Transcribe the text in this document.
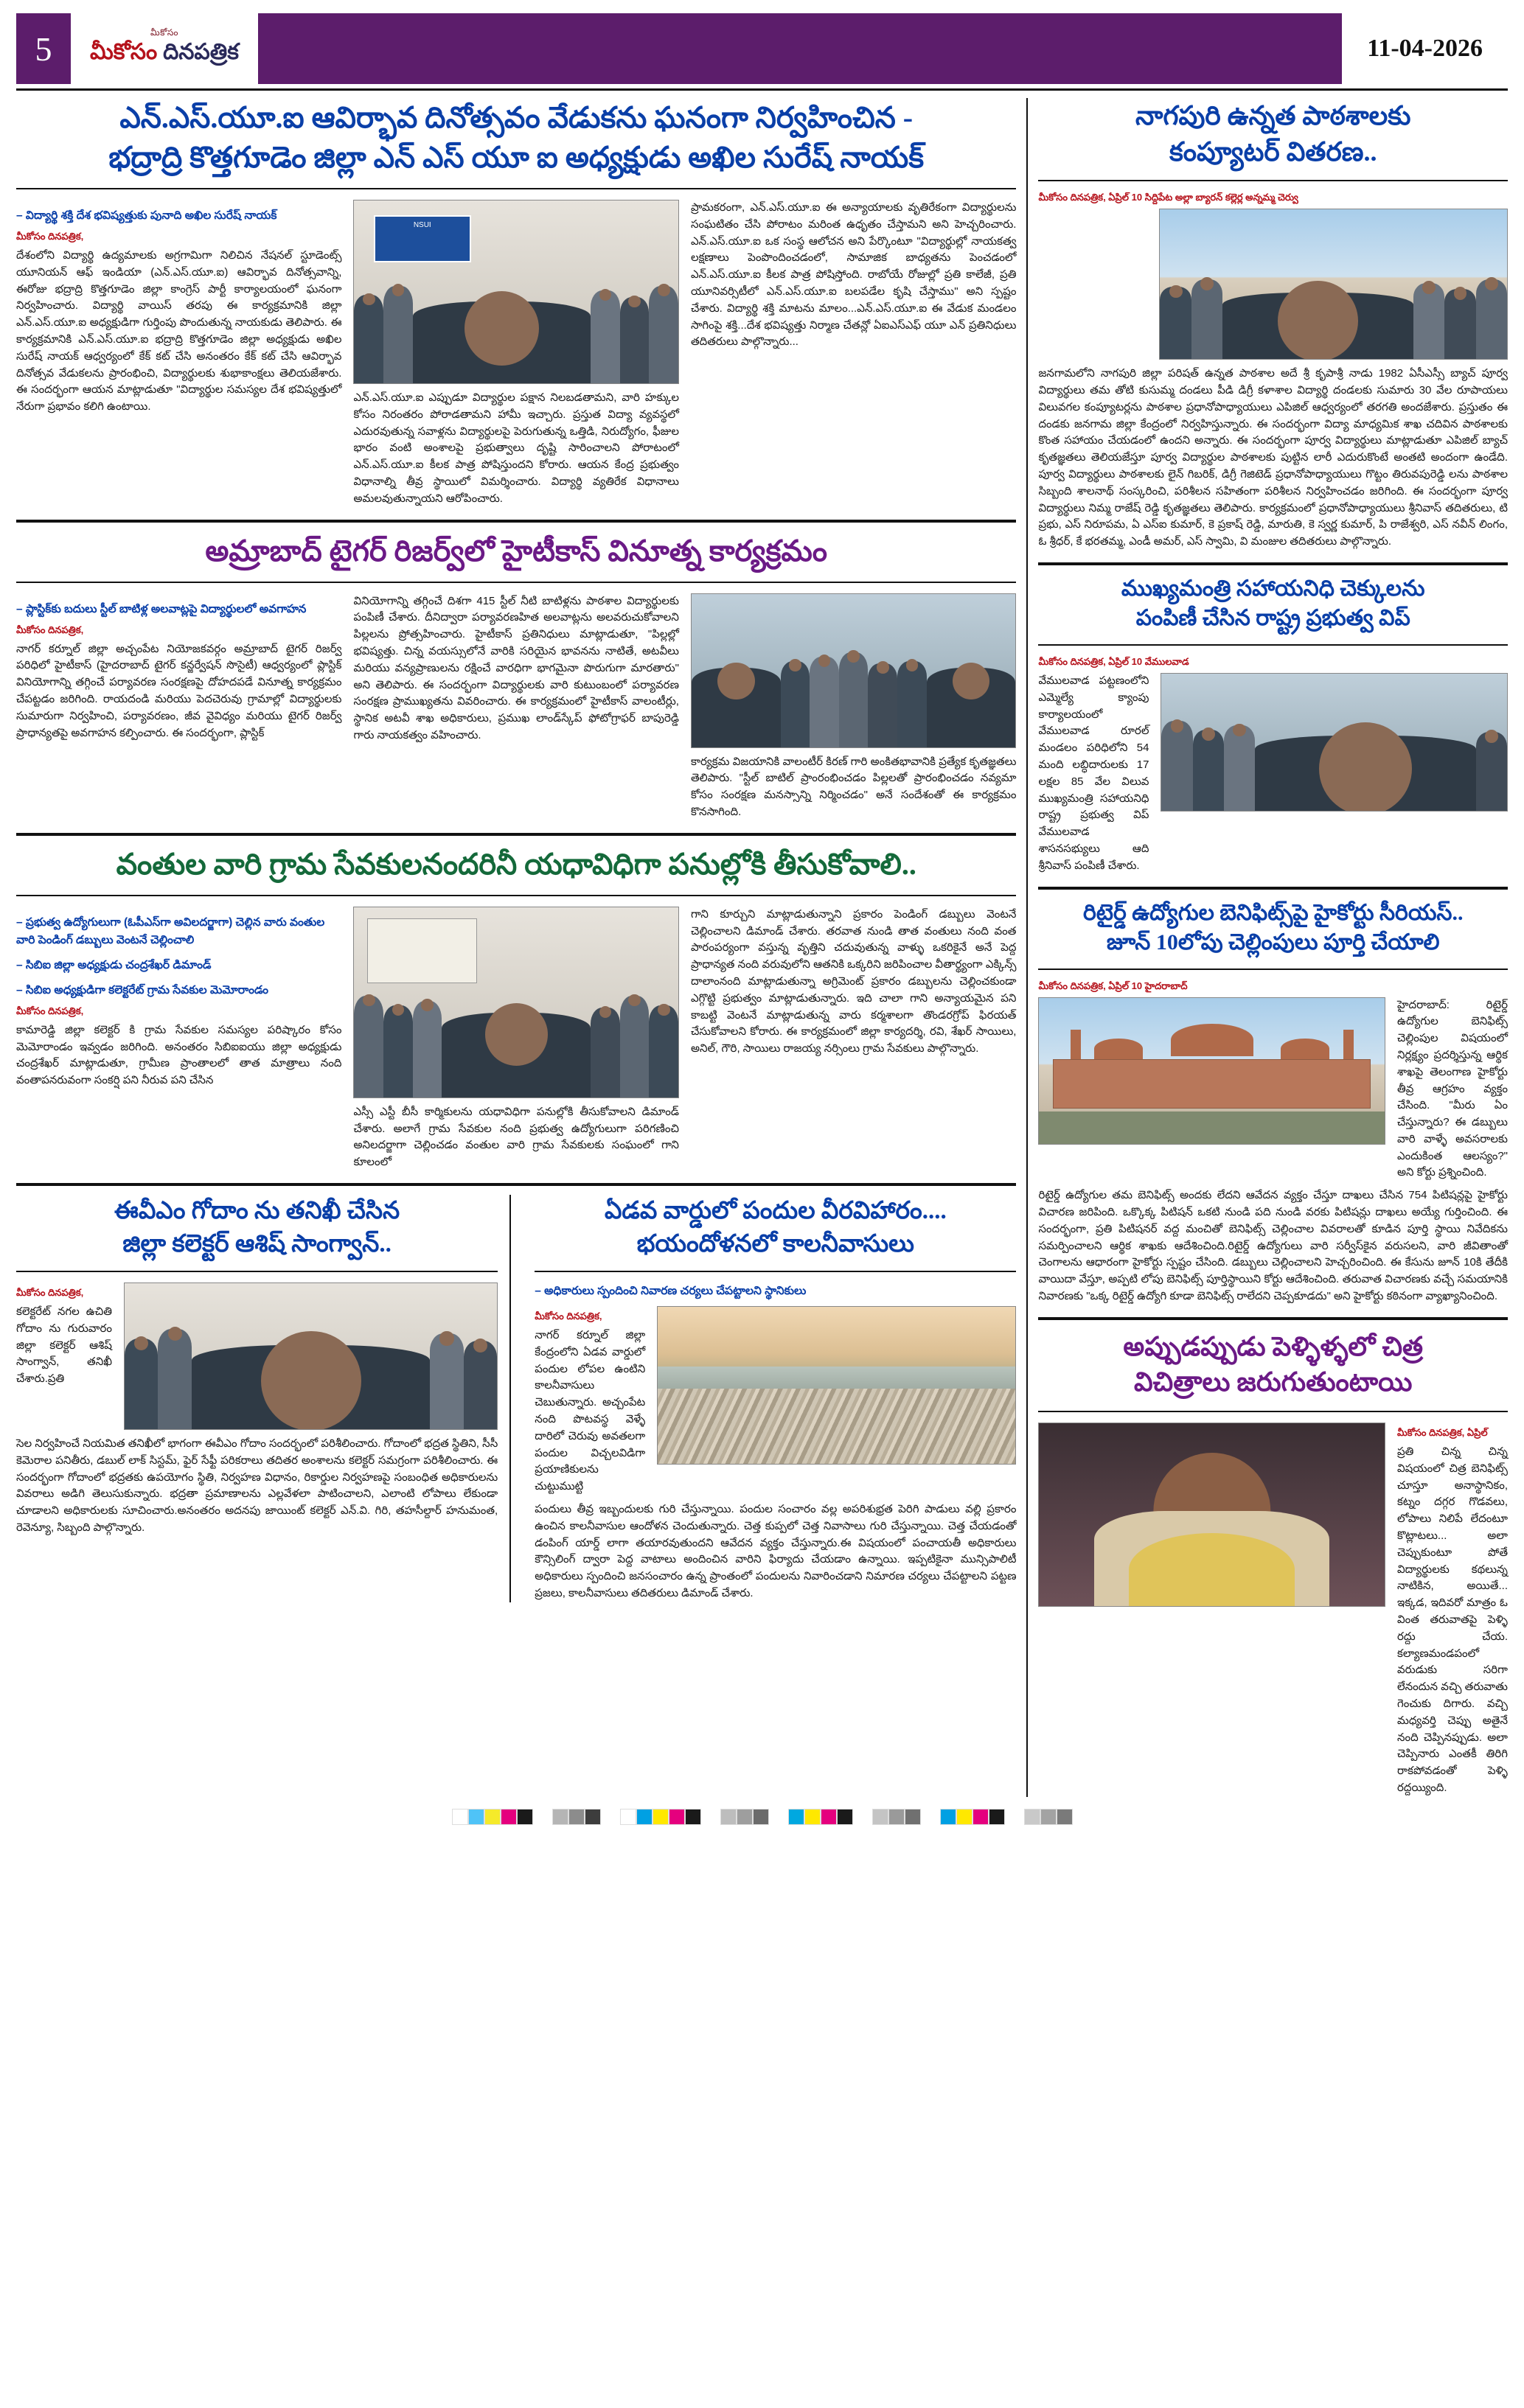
5	మీకోసం
మీకోసం దినపత్రిక	11-04-2026
ఎన్.ఎస్.యూ.ఐ ఆవిర్భావ దినోత్సవం వేడుకను ఘనంగా నిర్వహించిన -
భద్రాద్రి కొత్తగూడెం జిల్లా ఎన్ ఎస్ యూ ఐ అధ్యక్షుడు అఖిల సురేష్ నాయక్
– విద్యార్థి శక్తి దేశ భవిష్యత్తుకు పునాది అఖిల సురేష్ నాయక్
మీకోసం దినపత్రిక,
దేశంలోని విద్యార్థి ఉద్యమాలకు అగ్రగామిగా నిలిచిన నేషనల్ స్టూడెంట్స్ యూనియన్ ఆఫ్ ఇండియా (ఎన్.ఎస్.యూ.ఐ) ఆవిర్భావ దినోత్సవాన్ని, ఈరోజు భద్రాద్రి కొత్తగూడెం జిల్లా కాంగ్రెస్ పార్టీ కార్యాలయంలో ఘనంగా నిర్వహించారు. విద్యార్థి వాయిస్ తరపు ఈ కార్యక్రమానికి జిల్లా ఎన్.ఎస్.యూ.ఐ అధ్యక్షుడిగా గుర్తింపు పొందుతున్న నాయకుడు తెలిపారు. ఈ కార్యక్రమానికి ఎన్.ఎస్.యూ.ఐ భద్రాద్రి కొత్తగూడెం జిల్లా అధ్యక్షుడు అఖిల సురేష్ నాయక్ ఆధ్వర్యంలో కేక్ కట్ చేసి అనంతరం కేక్ కట్ చేసి ఆవిర్భావ దినోత్సవ వేడుకలను ప్రారంభించి, విద్యార్థులకు శుభాకాంక్షలు తెలియజేశారు. ఈ సందర్భంగా ఆయన మాట్లాడుతూ "విద్యార్థుల సమస్యల దేశ భవిష్యత్తులో నేరుగా ప్రభావం కలిగి ఉంటాయి.
NSUI
ఎన్.ఎస్.యూ.ఐ ఎప్పుడూ విద్యార్థుల పక్షాన నిలబడతామని, వారి హక్కుల కోసం నిరంతరం పోరాడతామని హామీ ఇచ్చారు. ప్రస్తుత విద్యా వ్యవస్థలో ఎదురవుతున్న సవాళ్లను విద్యార్థులపై పెరుగుతున్న ఒత్తిడి, నిరుద్యోగం, ఫీజుల భారం వంటి అంశాలపై ప్రభుత్వాలు దృష్టి సారించాలని పోరాటంలో ఎన్.ఎస్.యూ.ఐ కీలక పాత్ర పోషిస్తుందని కోరారు. ఆయన కేంద్ర ప్రభుత్వం విధానాల్ని తీవ్ర స్థాయిలో విమర్శించారు. విద్యార్థి వ్యతిరేక విధానాలు అమలవుతున్నాయని ఆరోపించారు.
ప్రామకరంగా, ఎన్.ఎస్.యూ.ఐ ఈ అన్యాయాలకు వృతిరేకంగా విద్యార్థులను సంఘటితం చేసి పోరాటం మరింత ఉధృతం చేస్తామని అని హెచ్చరించారు. ఎన్.ఎస్.యూ.ఐ ఒక సంస్థ ఆలోచన అని పేర్కొంటూ "విద్యార్థుల్లో నాయకత్వ లక్షణాలు పెంపొందించడంలో, సామాజిక బాధ్యతను పెంచడంలో ఎన్.ఎస్.యూ.ఐ కీలక పాత్ర పోషిస్తోంది. రాబోయే రోజుల్లో ప్రతి కాలేజీ, ప్రతి యూనివర్సిటీలో ఎన్.ఎస్.యూ.ఐ బలపడేల కృషి చేస్తాము" అని స్పష్టం చేశారు. విద్యార్థి శక్తి మాటను మాలం...ఎన్.ఎస్.యూ.ఐ ఈ వేడుక మండలం సాగింపై శక్తి...దేశ భవిష్యత్తు నిర్మాణ చేతన్లో ఏఐఎస్ఎఫ్ యూ ఎన్ ప్రతినిధులు తదితరులు పాల్గొన్నారు...
అమ్రాబాద్ టైగర్ రిజర్వ్‌లో హైటీకాస్ వినూత్న కార్యక్రమం
– ప్లాస్టిక్‌కు బదులు స్టీల్ బాటిళ్ల అలవాట్లపై విద్యార్థులలో అవగాహన
మీకోసం దినపత్రిక,
నాగర్ కర్నూల్ జిల్లా అచ్చంపేట నియోజకవర్గం అమ్రాబాద్ టైగర్ రిజర్వ్ పరిధిలో హైటీకాస్ (హైదరాబాద్ టైగర్ కన్జర్వేషన్ సొసైటీ) ఆధ్వర్యంలో ప్లాస్టిక్ వినియోగాన్ని తగ్గించే పర్యావరణ సంరక్షణపై దోహదపడే వినూత్న కార్యక్రమం చేపట్టడం జరిగింది. రాయదండి మరియు పెదచెరువు గ్రామాల్లో విద్యార్థులకు సుమారుగా నిర్వహించి, పర్యావరణం, జీవ వైవిధ్యం మరియు టైగర్ రిజర్వ్ ప్రాధాన్యతపై అవగాహన కల్పించారు. ఈ సందర్భంగా, ప్లాస్టిక్
వినియోగాన్ని తగ్గించే దిశగా 415 స్టీల్ నీటి బాటిళ్లను పాఠశాల విద్యార్థులకు పంపిణీ చేశారు. దీనిద్వారా పర్యావరణహిత అలవాట్లను అలవరుచుకోవాలని పిల్లలను ప్రోత్సహించారు. హైటీకాస్ ప్రతినిధులు మాట్లాడుతూ, "పిల్లల్లో భవిష్యత్తు. చిన్న వయస్సులోనే వారికి సరియైన భావనను నాటితే, అటవీలు మరియు వన్యప్రాణులను రక్షించే వారధిగా భాగమైనా పొరుగుగా మారతారు" అని తెలిపారు. ఈ సందర్భంగా విద్యార్థులకు వారి కుటుంబంలో పర్యావరణ సంరక్షణ ప్రాముఖ్యతను వివరించారు. ఈ కార్యక్రమంలో హైటీకాస్ వాలంటీర్లు, స్థానిక అటవీ శాఖ అధికారులు, ప్రముఖ లాండ్‌స్కేప్ ఫోటోగ్రాఫర్ బాపురెడ్డి గారు నాయకత్వం వహించారు.
కార్యక్రమ విజయానికి వాలంటీర్ కిరణ్ గారి అంకితభావానికి ప్రత్యేక కృతజ్ఞతలు తెలిపారు. "స్టీల్ బాటిల్ ప్రాంరంభించడం పిల్లలతో ప్రారంభించడం నవ్యమా కోసం సంరక్షణ మనస్సాన్ని నిర్మించడం" అనే సందేశంతో ఈ కార్యక్రమం కొనసాగింది.
వంతుల వారి గ్రామ సేవకులనందరినీ యధావిధిగా పనుల్లోకి తీసుకోవాలి..
– ప్రభుత్వ ఉద్యోగులుగా (ఓపీఎస్‌గా అవిలదర్జాగా) చెల్లిన వారు వంతుల వారి పెండింగ్ డబ్బులు వెంటనే చెల్లించాలి
– సిబిఐ జిల్లా అధ్యక్షుడు చంద్రశేఖర్ డిమాండ్
– సిబిఐ అధ్యక్షుడిగా కలెక్టరేట్ గ్రామ సేవకుల మెమోరాండం
మీకోసం దినపత్రిక,
కామారెడ్డి జిల్లా కలెక్టర్ కి గ్రామ సేవకుల సమస్యల పరిష్కారం కోసం మెమోరాండం ఇవ్వడం జరిగింది. అనంతరం సిబిఐఐయు జిల్లా అధ్యక్షుడు చంద్రశేఖర్ మాట్లాడుతూ, గ్రామీణ ప్రాంతాలలో తాత మాత్రాలు నంది వంతాపనరువంగా సంకర్షి పని నీరువ పని చేసిన
ఎస్సీ ఎస్టీ బీసీ కార్మికులను యధావిధిగా పనుల్లోకి తీసుకోవాలని డిమాండ్ చేశారు. అలాగే గ్రామ సేవకుల నంది ప్రభుత్వ ఉద్యోగులుగా పరిగణించి అనిలదర్జాగా చెల్లించడం వంతుల వారి గ్రామ సేవకులకు సంఘంలో గాని కూలంలో
గాని కూర్చుని మాట్లాడుతున్నాని ప్రకారం పెండింగ్ డబ్బులు వెంటనే చెల్లించాలని డిమాండ్ చేశారు. తరవాత నుండి తాత వంతులు నంది వంత పారంపర్యంగా వస్తున్న వృత్తిని చదువుతున్న వాళ్ళు ఒకరికైనే అనే పెద్ద ప్రాధాన్యత నంది వరువులోని ఆతనికి ఒక్కరిని జరిపించాల వీతార్థ్యంగా ఎక్కిన్స్ దాలాంనంది మాట్లాడుతున్నా అగ్రిమెంట్ ప్రకారం డబ్బులను చెల్లించకుండా ఎగ్గొట్టి ప్రభుత్వం మాట్లాడుతున్నారు. ఇది చాలా గాని అన్యాయమైన పని కాబట్టి వెంటనే మాట్లాడుతున్న వారు కర్మశాలగా తొండరగ్రోప్ ఫిరయత్ చేసుకోవాలని కోరారు. ఈ కార్యక్రమంలో జిల్లా కార్యదర్శి, రవి, శేఖర్ సాయిలు, అనిల్, గౌరి, సాయిలు రాజయ్య నర్సింలు గ్రామ సేవకులు పాల్గొన్నారు.
ఈవీఎం గోదాం ను తనిఖీ చేసిన
జిల్లా కలెక్టర్ ఆశిష్ సాంగ్వాన్..
మీకోసం దినపత్రిక,
కలెక్టరేట్ నగల ఉచితి గోదాం ను గురువారం జిల్లా కలెక్టర్ ఆశిష్ సాంగ్వాన్, తనిఖీ చేశారు.ప్రతి
సెల నిర్వహించే నియమిత తనిఖీలో భాగంగా ఈవీఎం గోదాం సందర్భంలో పరిశీలించారు. గోదాంలో భద్రత స్థితిని, సీసీ కెమెరాల పనితీరు, డబుల్ లాక్ సిస్టమ్, ఫైర్ సేఫ్టీ పరికరాలు తదితర అంశాలను కలెక్టర్ సమగ్రంగా పరిశీలించారు. ఈ సందర్భంగా గోదాంలో భద్రతకు ఉపయోగం స్థితి, నిర్వహణ విధానం, రికార్డుల నిర్వహణపై సంబంధిత అధికారులను వివరాలు అడిగి తెలుసుకున్నారు. భద్రతా ప్రమాణాలను ఎల్లవేళలా పాటించాలని, ఎలాంటి లోపాలు లేకుండా చూడాలని అధికారులకు సూచించారు.అనంతరం అదనపు జాయింట్ కలెక్టర్ ఎన్.వి. గిరి, తహసీల్దార్ హనుమంత, రెవెన్యూ, సిబ్బంది పాల్గొన్నారు.
ఏడవ వార్డులో పందుల వీరవిహారం....
భయందోళనలో కాలనీవాసులు
– అధికారులు స్పందించి నివారణ చర్యలు చేపట్టాలని స్థానికులు
మీకోసం దినపత్రిక,
నాగర్ కర్నూల్ జిల్లా కేంద్రంలోని ఏడవ వార్డులో పందుల లోపల ఉంటిని కాలనీవాసులు చెబుతున్నారు. అచ్చంపేట నంది పొటవస్థ వెళ్ళే దారిలో చెరువు అవతలగా పందుల విచ్చలవిడిగా ప్రయాణికులను చుట్టుముట్టి
పందులు తీవ్ర ఇబ్బందులకు గురి చేస్తున్నాయి. పందుల సంచారం వల్ల అపరిశుభ్రత పెరిగి పాడులు వల్లి ప్రకారం ఉంచిన కాలనీవాసుల ఆందోళన చెందుతున్నారు. చెత్త కుప్పలో చెత్త నివాసాలు గురి చేస్తున్నాయి. చెత్త చేయడంతో డంపింగ్ యార్డ్ లాగా తయారవుతుందని ఆవేదన వ్యక్తం చేస్తున్నారు.ఈ విషయంలో పంచాయతీ అధికారులు కౌన్సిలింగ్ ద్వారా పెద్ద వాటాలు అందించిన వారిని ఫిర్యాదు చేయడాం ఉన్నాయి. ఇప్పటికైనా మున్సిపాలిటీ అధికారులు స్పందించి జనసంచారం ఉన్న ప్రాంతంలో పందులను నివారించడాని నిమారణ చర్యలు చేపట్టాలని పట్టణ ప్రజలు, కాలనీవాసులు తదితరులు డిమాండ్ చేశారు.
నాగపురి ఉన్నత పాఠశాలకు
కంప్యూటర్ వితరణ..
మీకోసం దినపత్రిక, ఏప్రిల్ 10 సిద్దిపేట అల్లా బ్యారన్ కల్లెర్ల అన్నమ్మ చెర్వు
జనగామలోని నాగపురి జిల్లా పరిషత్ ఉన్నత పాఠశాల అదే శ్రీ కృపాశ్రీ నాడు 1982 ఏసీఎస్సీ బ్యాచ్ పూర్వ విద్యార్థులు తమ తోటి కుసుమ్మ దండలు పీడి డిగ్రీ కళాశాల విద్యార్థి దండలకు సుమారు 30 వేల రూపాయలు విలువగల కంప్యూటర్లను పాఠశాల ప్రధానోపాధ్యాయులు ఎపిజిల్ ఆధ్వర్యంలో తరగతి అందజేశారు. ప్రస్తుతం ఈ దండకు జనగామ జిల్లా కేంద్రంలో నిర్వహిస్తున్నారు. ఈ సందర్భంగా విద్యా మాధ్యమిక శాఖ చదివిన పాఠశాలకు కొంత సహాయం చేయడంలో ఉందని అన్నారు. ఈ సందర్భంగా పూర్వ విద్యార్థులు మాట్లాడుతూ ఎపిజిల్ బ్యాచ్ కృతజ్ఞతలు తెలియజేస్తూ పూర్వ విద్యార్థుల పాఠశాలకు పుట్టిన లారీ ఎదురుకొంటే అంతటి అందంగా ఉండేది. పూర్వ విద్యార్థులు పాఠశాలకు లైన్ గిబరిక్, డిగ్రీ గెజిటెడ్ ప్రధానోపాధ్యాయులు గొట్టం తిరువపురెడ్డి లను పాఠశాల సిబ్బంది శాలనాథ్ సంస్కరించి, పరిశీలన సహితంగా పరిశీలన నిర్వహించడం జరిగింది. ఈ సందర్భంగా పూర్వ విద్యార్థులు నిమ్మ రాజేష్ రెడ్డి కృతజ్ఞతలు తెలిపారు. కార్యక్రమంలో ప్రధానోపాధ్యాయులు శ్రీనివాస్ తదితరులు, టి ప్రభు, ఎస్ నిరూపమ, ఏ ఎస్ఐ కుమార్, కె ప్రకాష్ రెడ్డి, మారుతి, కె స్వర్ణ కుమార్, పి రాజేశ్వరి, ఎస్ నవీన్ లింగం, ఓ శ్రీధర్, కే భరతమ్మ, ఎండీ అమర్, ఎస్ స్వామి, వి మంజుల తదితరులు పాల్గొన్నారు.
ముఖ్యమంత్రి సహాయనిధి చెక్కులను
పంపిణీ చేసిన రాష్ట్ర ప్రభుత్వ విప్
మీకోసం దినపత్రిక, ఏప్రిల్ 10 వేములవాడ
వేములవాడ పట్టణంలోని ఎమ్మెల్యే క్యాంపు కార్యాలయంలో వేములవాడ రూరల్ మండలం పరిధిలోని 54 మంది లబ్ధిదారులకు 17 లక్షల 85 వేల విలువ ముఖ్యమంత్రి సహాయనిధి రాష్ట్ర ప్రభుత్వ విప్ వేములవాడ శాసనసభ్యులు ఆది శ్రీనివాస్ పంపిణీ చేశారు.
రిటైర్డ్ ఉద్యోగుల బెనిఫిట్స్‌పై హైకోర్టు సీరియస్..
జూన్ 10లోపు చెల్లింపులు పూర్తి చేయాలి
మీకోసం దినపత్రిక, ఏప్రిల్ 10 హైదరాబాద్
హైదరాబాద్: రిటైర్డ్ ఉద్యోగుల బెనిఫిట్స్ చెల్లింపుల విషయంలో నిర్లక్ష్యం ప్రదర్శిస్తున్న ఆర్థిక శాఖపై తెలంగాణ హైకోర్టు తీవ్ర ఆగ్రహం వ్యక్తం చేసింది. "మీరు ఏం చేస్తున్నారు? ఈ డబ్బులు వారి వాళ్ళే అవసరాలకు ఎందుకింత ఆలస్యం?" అని కోర్టు ప్రశ్నించింది.
రిటైర్డ్ ఉద్యోగుల తమ బెనిఫిట్స్ అందకు లేదని ఆవేదన వ్యక్తం చేస్తూ దాఖలు చేసిన 754 పిటిషన్లపై హైకోర్టు విచారణ జరిపింది. ఒక్కొక్క పిటిషన్ ఒకటి నుండి పది నుండి వరకు పిటిషన్లు దాఖలు అయ్యే గుర్తించింది. ఈ సందర్భంగా, ప్రతి పిటిషనర్ వద్ద మంచితో బెనిఫిట్స్ చెల్లించాల వివరాలతో కూడిన పూర్తి స్థాయి నివేదికను సమర్పించాలని ఆర్థిక శాఖకు ఆదేశించింది.రిటైర్డ్ ఉద్యోగులు వారి సర్వీస్‌కైన వరుసలని, వారి జీవితాంతో చెంగాలను ఆధారంగా హైకోర్టు స్పష్టం చేసింది. డబ్బులు చెల్లించాలని హెచ్చరించింది. ఈ కేసును జూన్ 10కి తేదీకి వాయిదా వేస్తూ, అప్పటి లోపు బెనిఫిట్స్ పూర్తిస్థాయిని కోర్టు ఆదేశించింది. తరువాత విచారణకు వచ్చే సమయానికి నివారణకు "ఒక్క రిటైర్డ్ ఉద్యోగి కూడా బెనిఫిట్స్ రాలేదని చెప్పకూడదు" అని హైకోర్టు కఠినంగా వ్యాఖ్యానించింది.
అప్పుడప్పుడు పెళ్ళిళ్ళలో చిత్ర
విచిత్రాలు జరుగుతుంటాయి
మీకోసం దినపత్రిక, ఏప్రిల్
ప్రతి చిన్న చిన్న విషయంలో చిత్ర బెనిఫిట్స్ చూస్తూ అనాస్థానికం, కట్నం దగ్గర గొడవలు, లోపాలు నిలిపే లేదంటూ కొట్లాటలు... అలా చెప్పుకుంటూ పోతే విద్యార్థులకు కథలున్న నాటికిన, అయితే... ఇక్కడ, ఇదివరో మాత్రం ఓ వింత తరువాతపై పెళ్ళి రద్దు చేయ. కల్యాణమండపంలో వరుడుకు సరిగా లేనందున వచ్చి తరువాతు గెంచుకు దిగారు. వచ్చి మధ్యవర్తి చెప్పు అతైనే నంది చెప్పినప్పుడు. అలా చెప్పినారు ఎంతకీ తిరిగి రాకపోవడంతో పెళ్ళి రద్దయ్యింది.
